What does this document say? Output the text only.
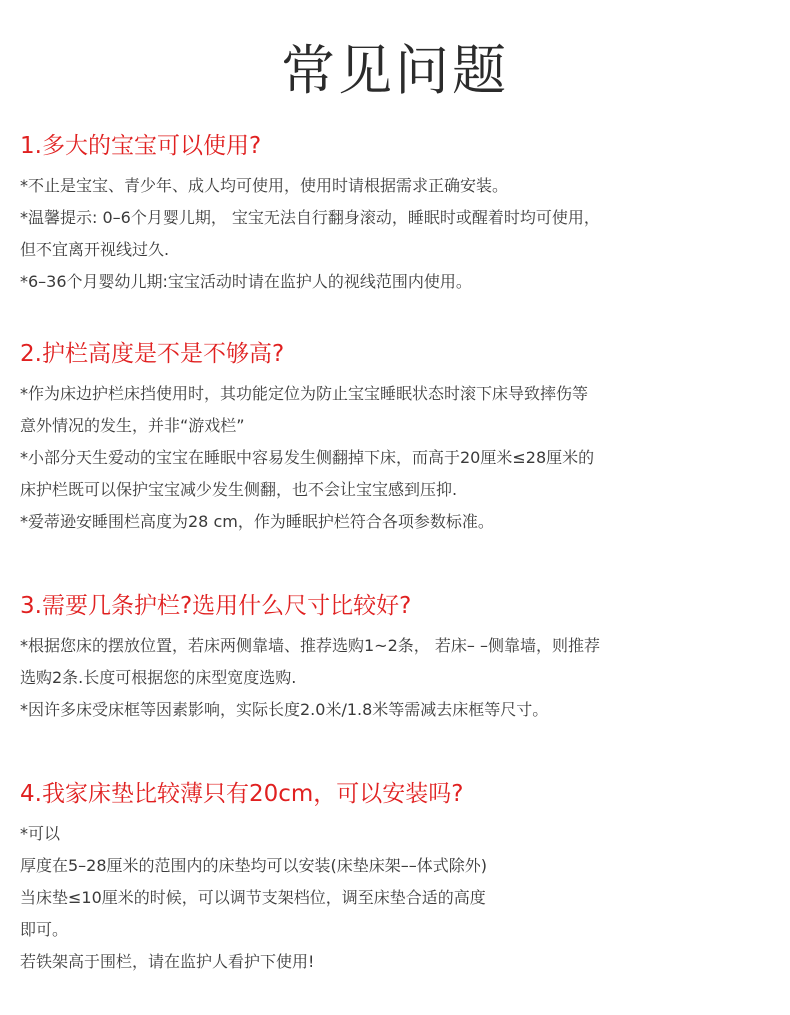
常见问题
1.多大的宝宝可以使用?

*不止是宝宝、青少年、成人均可使用，使用时请根据需求正确安装。

*温馨提示: 0–6个月婴儿期， 宝宝无法自行翻身滚动，睡眠时或醒着时均可使用，

但不宜离开视线过久.

*6–36个月婴幼儿期:宝宝活动时请在监护人的视线范围内使用。

2.护栏高度是不是不够高?

*作为床边护栏床挡使用时，其功能定位为防止宝宝睡眠状态时滚下床导致摔伤等

意外情况的发生，并非“游戏栏”

*小部分天生爱动的宝宝在睡眠中容易发生侧翻掉下床，而高于20厘米≤28厘米的

床护栏既可以保护宝宝减少发生侧翻，也不会让宝宝感到压抑.

*爱蒂逊安睡围栏高度为28 cm，作为睡眠护栏符合各项参数标准。

3.需要几条护栏?选用什么尺寸比较好?

*根据您床的摆放位置，若床两侧靠墙、推荐选购1~2条， 若床– –侧靠墙，则推荐

选购2条.长度可根据您的床型宽度选购.

*因许多床受床框等因素影响，实际长度2.0米/1.8米等需减去床框等尺寸。

4.我家床垫比较薄只有20cm，可以安装吗?

*可以

厚度在5–28厘米的范围内的床垫均可以安装(床垫床架––体式除外)

当床垫≤10厘米的时候，可以调节支架档位，调至床垫合适的高度

即可。

若铁架高于围栏，请在监护人看护下使用!
